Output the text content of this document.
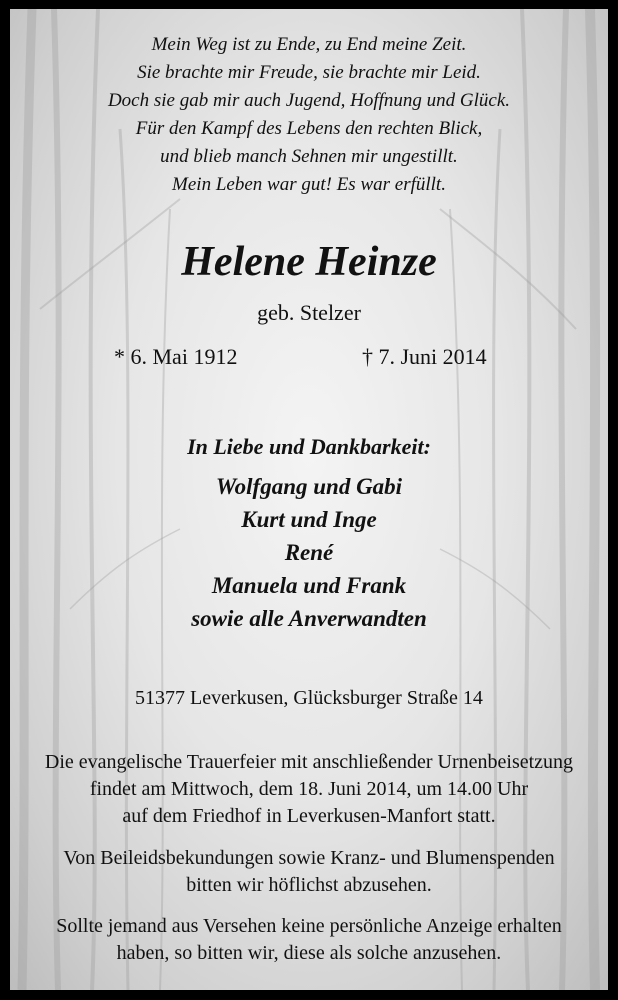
Mein Weg ist zu Ende, zu End meine Zeit.
Sie brachte mir Freude, sie brachte mir Leid.
Doch sie gab mir auch Jugend, Hoffnung und Glück.
Für den Kampf des Lebens den rechten Blick,
und blieb manch Sehnen mir ungestillt.
Mein Leben war gut! Es war erfüllt.
Helene Heinze
geb. Stelzer
* 6. Mai 1912	† 7. Juni 2014
In Liebe und Dankbarkeit:
Wolfgang und Gabi
Kurt und Inge
René
Manuela und Frank
sowie alle Anverwandten
51377 Leverkusen, Glücksburger Straße 14
Die evangelische Trauerfeier mit anschließender Urnenbeisetzung
findet am Mittwoch, dem 18. Juni 2014, um 14.00 Uhr
auf dem Friedhof in Leverkusen-Manfort statt.
Von Beileidsbekundungen sowie Kranz- und Blumenspenden
bitten wir höflichst abzusehen.
Sollte jemand aus Versehen keine persönliche Anzeige erhalten
haben, so bitten wir, diese als solche anzusehen.
